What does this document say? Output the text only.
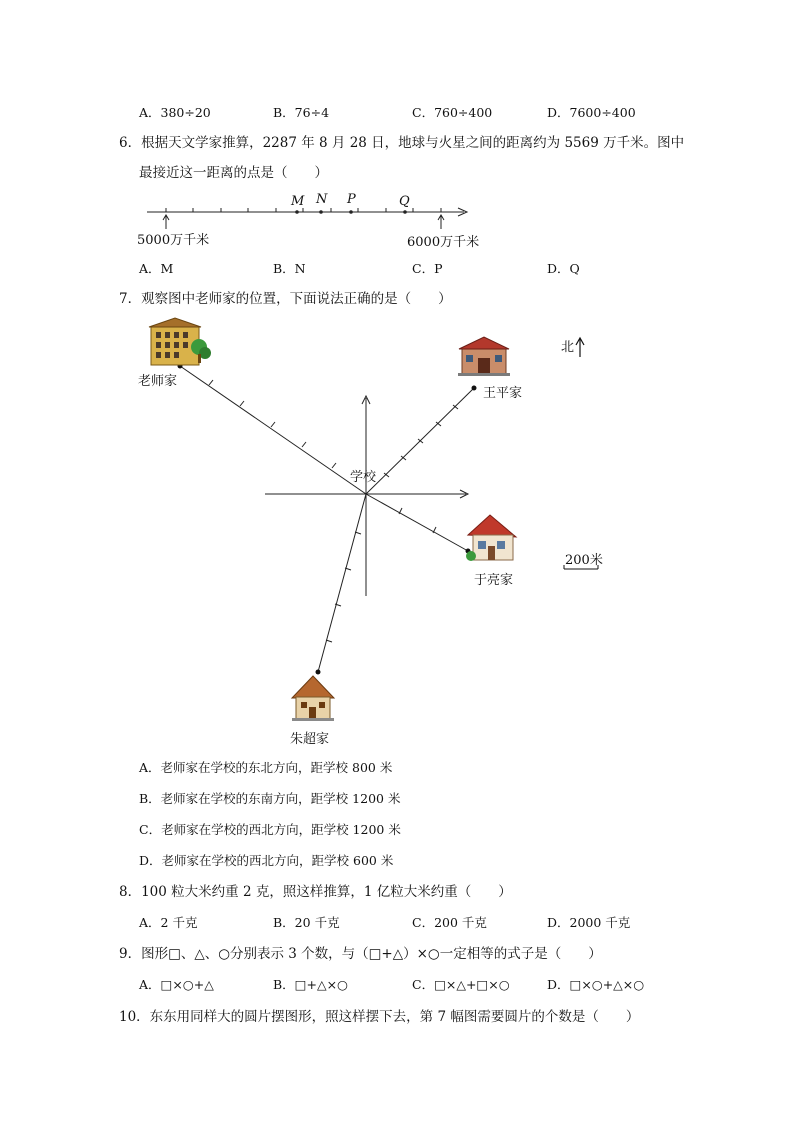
A．380÷20	B．76÷4	C．760÷400	D．7600÷400
6．根据天文学家推算，2287 年 8 月 28 日，地球与火星之间的距离约为 5569 万千米。图中
最接近这一距离的点是（　　）
M N P	Q
5000万千米	6000万千米
A．M	B．N	C．P	D．Q
7．观察图中老师家的位置，下面说法正确的是（　　）
老师家
王平家
于亮家
朱超家
学校
北
200米
A．老师家在学校的东北方向，距学校 800 米
B．老师家在学校的东南方向，距学校 1200 米
C．老师家在学校的西北方向，距学校 1200 米
D．老师家在学校的西北方向，距学校 600 米
8．100 粒大米约重 2 克，照这样推算，1 亿粒大米约重（　　）
A．2 千克	B．20 千克	C．200 千克	D．2000 千克
9．图形□、△、○分别表示 3 个数，与（□+△）×○一定相等的式子是（　　）
A．□×○+△	B．□+△×○	C．□×△+□×○	D．□×○+△×○
10．东东用同样大的圆片摆图形，照这样摆下去，第 7 幅图需要圆片的个数是（　　）
